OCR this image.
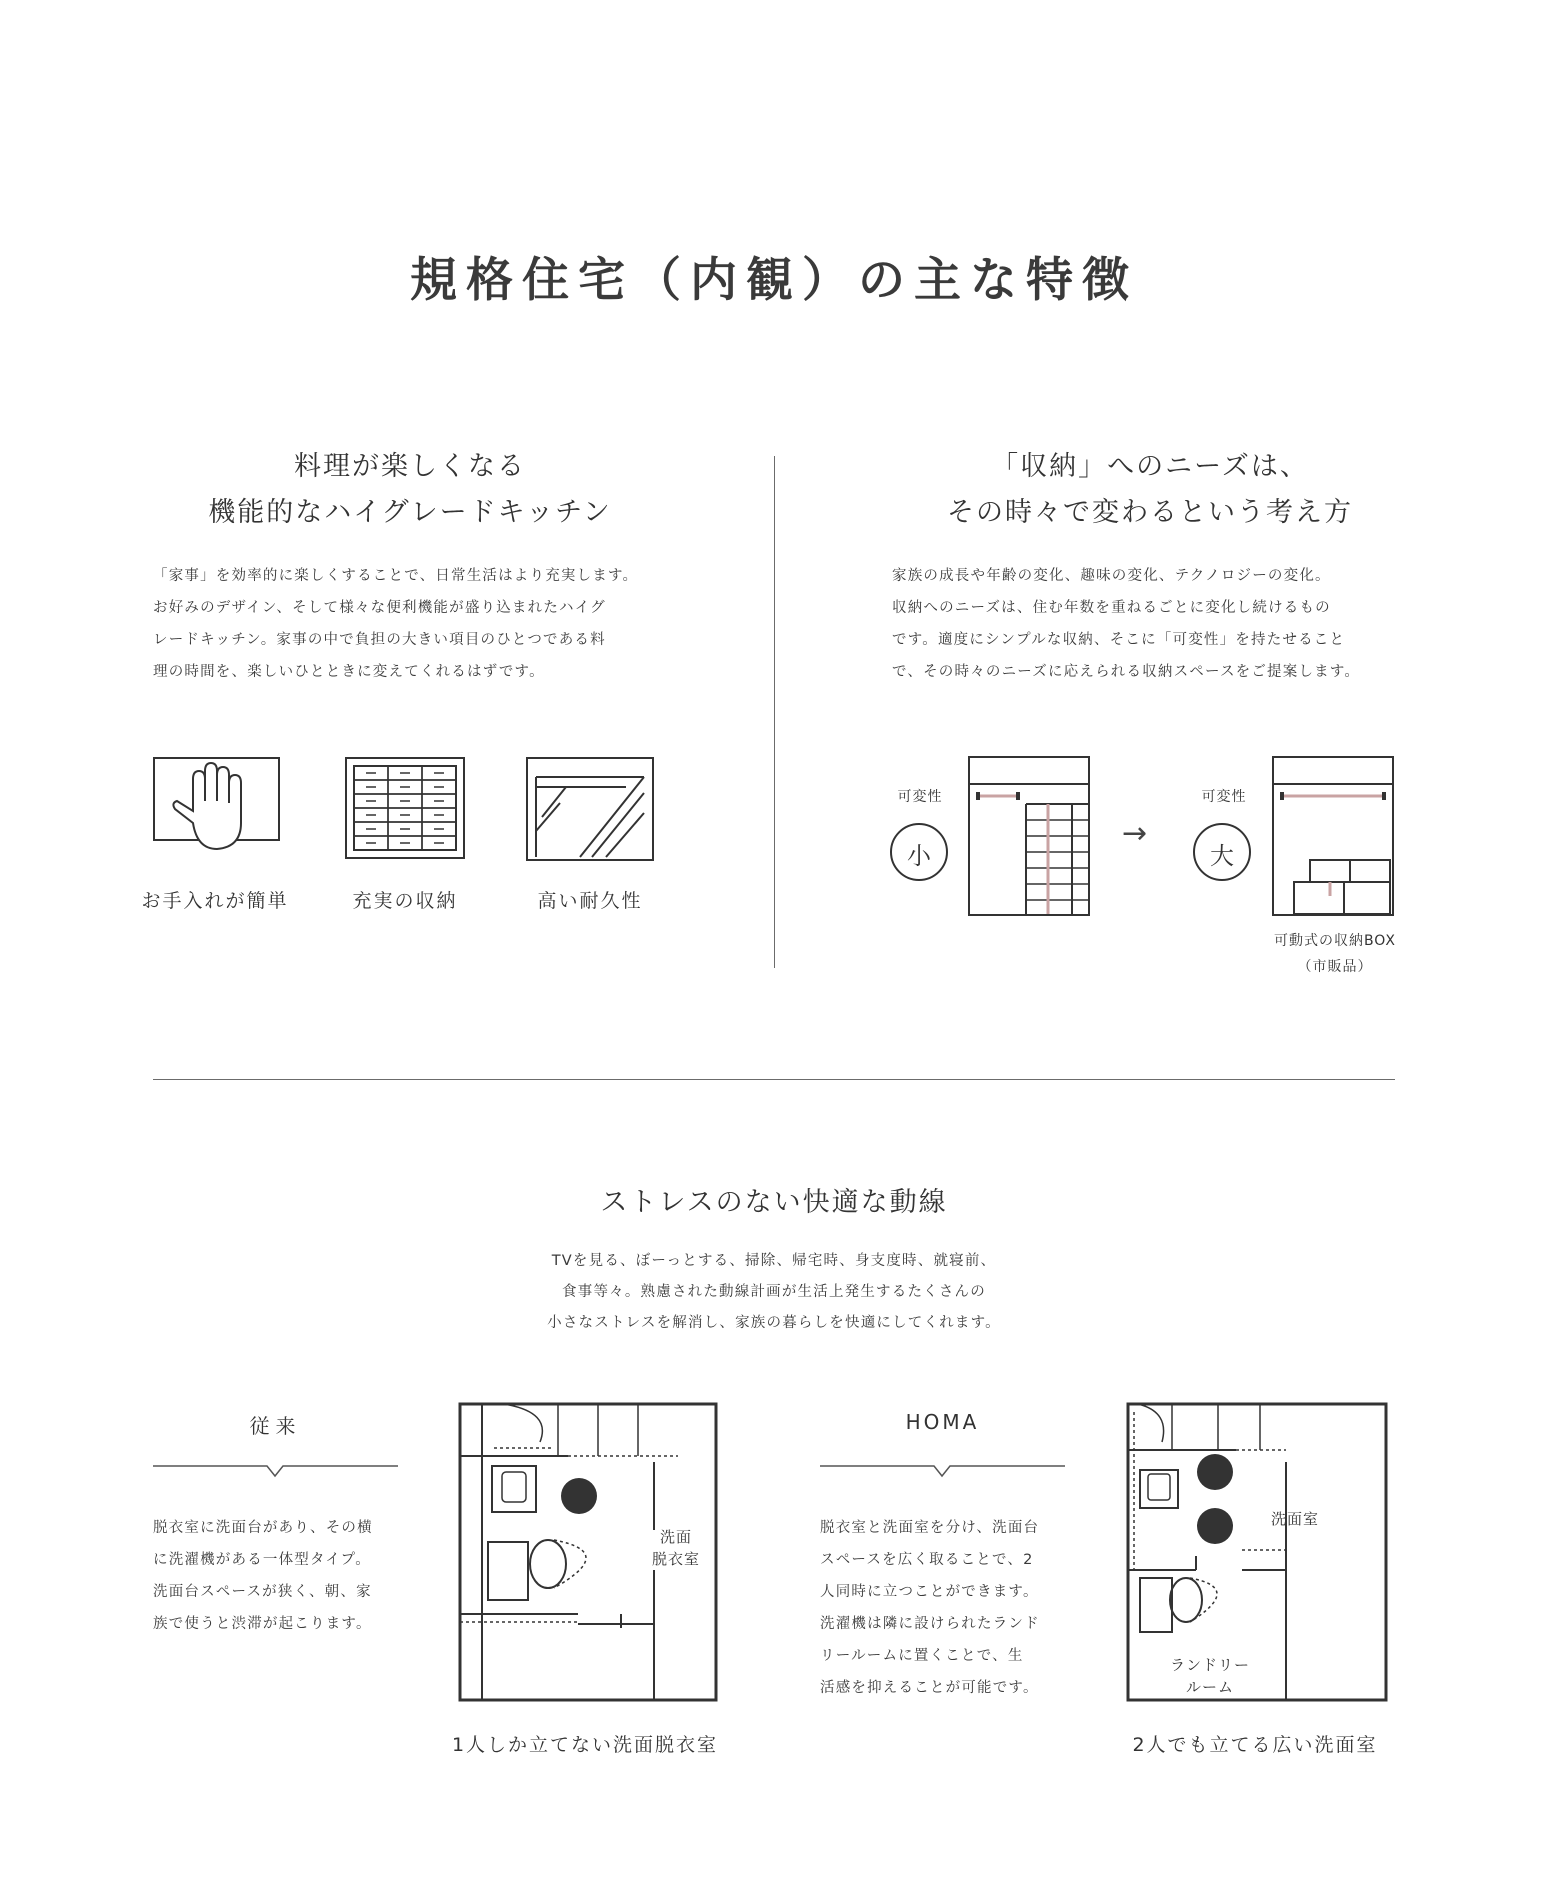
規格住宅（内観）の主な特徴
料理が楽しくなる
機能的なハイグレードキッチン
「家事」を効率的に楽しくすることで、日常生活はより充実します。
お好みのデザイン、そして様々な便利機能が盛り込まれたハイグ
レードキッチン。家事の中で負担の大きい項目のひとつである料
理の時間を、楽しいひとときに変えてくれるはずです。
お手入れが簡単	充実の収納	高い耐久性
「収納」へのニーズは、
その時々で変わるという考え方
家族の成長や年齢の変化、趣味の変化、テクノロジーの変化。
収納へのニーズは、住む年数を重ねるごとに変化し続けるもの
です。適度にシンプルな収納、そこに「可変性」を持たせること
で、その時々のニーズに応えられる収納スペースをご提案します。
可変性
小
→
可変性
大
可動式の収納BOX
（市販品）
ストレスのない快適な動線
TVを見る、ぼーっとする、掃除、帰宅時、身支度時、就寝前、
食事等々。熟慮された動線計画が生活上発生するたくさんの
小さなストレスを解消し、家族の暮らしを快適にしてくれます。
従来
脱衣室に洗面台があり、その横
に洗濯機がある一体型タイプ。
洗面台スペースが狭く、朝、家
族で使うと渋滞が起こります。
洗面
脱衣室
1人しか立てない洗面脱衣室
HOMA
脱衣室と洗面室を分け、洗面台
スペースを広く取ることで、2
人同時に立つことができます。
洗濯機は隣に設けられたランド
リールームに置くことで、生
活感を抑えることが可能です。
洗面室
ランドリー
ルーム
2人でも立てる広い洗面室
